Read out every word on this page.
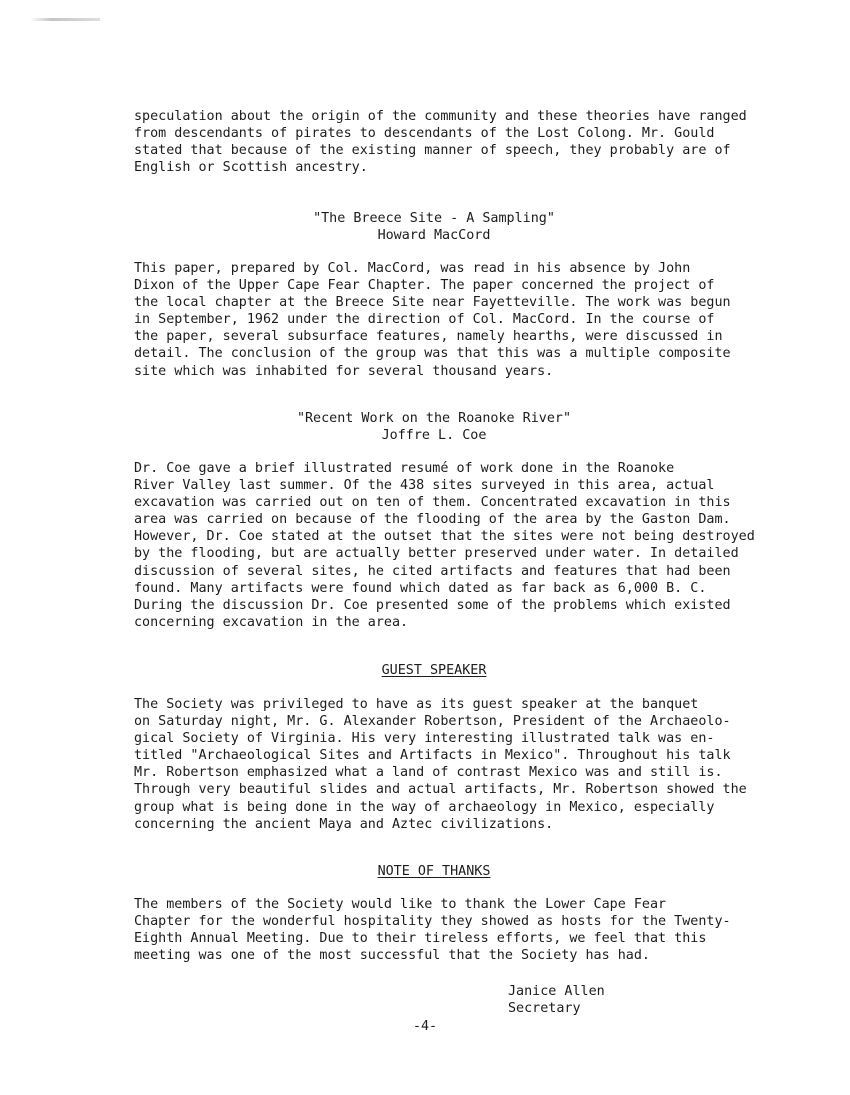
speculation about the origin of the community and these theories have ranged
from descendants of pirates to descendants of the Lost Colong. Mr. Gould
stated that because of the existing manner of speech, they probably are of
English or Scottish ancestry.

"The Breece Site - A Sampling"
Howard MacCord

This paper, prepared by Col. MacCord, was read in his absence by John
Dixon of the Upper Cape Fear Chapter. The paper concerned the project of
the local chapter at the Breece Site near Fayetteville. The work was begun
in September, 1962 under the direction of Col. MacCord. In the course of
the paper, several subsurface features, namely hearths, were discussed in
detail. The conclusion of the group was that this was a multiple composite
site which was inhabited for several thousand years.

"Recent Work on the Roanoke River"
Joffre L. Coe

Dr. Coe gave a brief illustrated resumé of work done in the Roanoke
River Valley last summer. Of the 438 sites surveyed in this area, actual
excavation was carried out on ten of them. Concentrated excavation in this
area was carried on because of the flooding of the area by the Gaston Dam.
However, Dr. Coe stated at the outset that the sites were not being destroyed
by the flooding, but are actually better preserved under water. In detailed
discussion of several sites, he cited artifacts and features that had been
found. Many artifacts were found which dated as far back as 6,000 B. C.
During the discussion Dr. Coe presented some of the problems which existed
concerning excavation in the area.

GUEST SPEAKER

The Society was privileged to have as its guest speaker at the banquet
on Saturday night, Mr. G. Alexander Robertson, President of the Archaeolo-
gical Society of Virginia. His very interesting illustrated talk was en-
titled "Archaeological Sites and Artifacts in Mexico". Throughout his talk
Mr. Robertson emphasized what a land of contrast Mexico was and still is.
Through very beautiful slides and actual artifacts, Mr. Robertson showed the
group what is being done in the way of archaeology in Mexico, especially
concerning the ancient Maya and Aztec civilizations.

NOTE OF THANKS

The members of the Society would like to thank the Lower Cape Fear
Chapter for the wonderful hospitality they showed as hosts for the Twenty-
Eighth Annual Meeting. Due to their tireless efforts, we feel that this
meeting was one of the most successful that the Society has had.

Janice Allen
Secretary
-4-
